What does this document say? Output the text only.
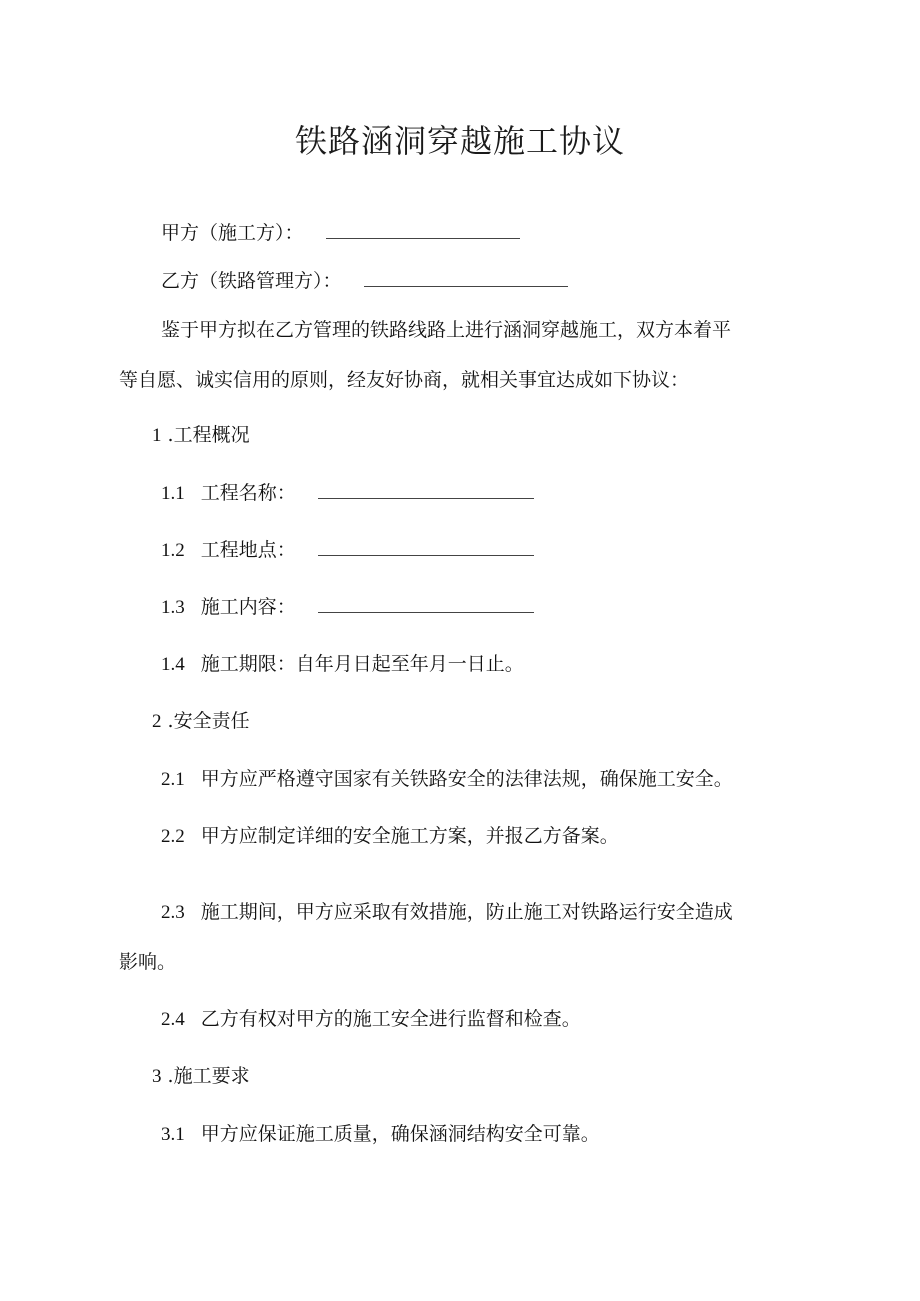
铁路涵洞穿越施工协议
甲方（施工方）：
乙方（铁路管理方）：
鉴于甲方拟在乙方管理的铁路线路上进行涵洞穿越施工，双方本着平
等自愿、诚实信用的原则，经友好协商，就相关事宜达成如下协议：
1 .工程概况
1.1 工程名称：
1.2 工程地点：
1.3 施工内容：
1.4 施工期限：自年月日起至年月一日止。
2 .安全责任
2.1 甲方应严格遵守国家有关铁路安全的法律法规，确保施工安全。
2.2 甲方应制定详细的安全施工方案，并报乙方备案。
2.3 施工期间，甲方应采取有效措施，防止施工对铁路运行安全造成
影响。
2.4 乙方有权对甲方的施工安全进行监督和检查。
3 .施工要求
3.1 甲方应保证施工质量，确保涵洞结构安全可靠。
